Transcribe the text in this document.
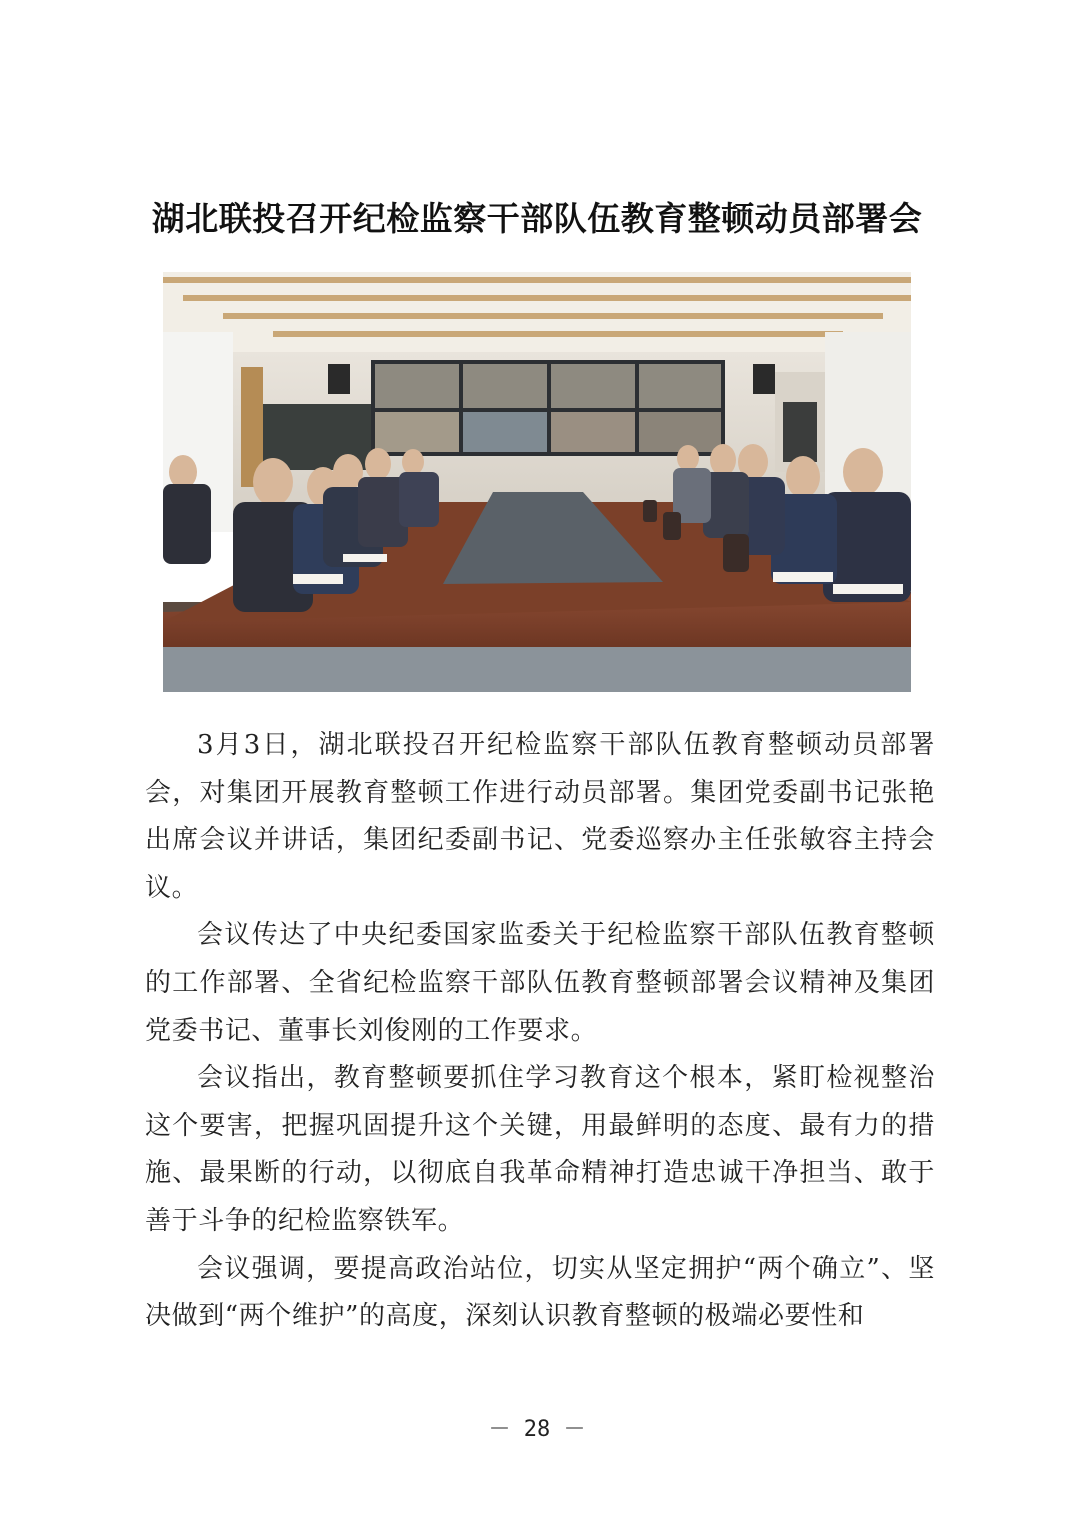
湖北联投召开纪检监察干部队伍教育整顿动员部署会

3月3日，湖北联投召开纪检监察干部队伍教育整顿动员部署会，对集团开展教育整顿工作进行动员部署。集团党委副书记张艳出席会议并讲话，集团纪委副书记、党委巡察办主任张敏容主持会议。

会议传达了中央纪委国家监委关于纪检监察干部队伍教育整顿的工作部署、全省纪检监察干部队伍教育整顿部署会议精神及集团党委书记、董事长刘俊刚的工作要求。

会议指出，教育整顿要抓住学习教育这个根本，紧盯检视整治这个要害，把握巩固提升这个关键，用最鲜明的态度、最有力的措施、最果断的行动，以彻底自我革命精神打造忠诚干净担当、敢于善于斗争的纪检监察铁军。

会议强调，要提高政治站位，切实从坚定拥护“两个确立”、坚决做到“两个维护”的高度，深刻认识教育整顿的极端必要性和

－ 28 －
